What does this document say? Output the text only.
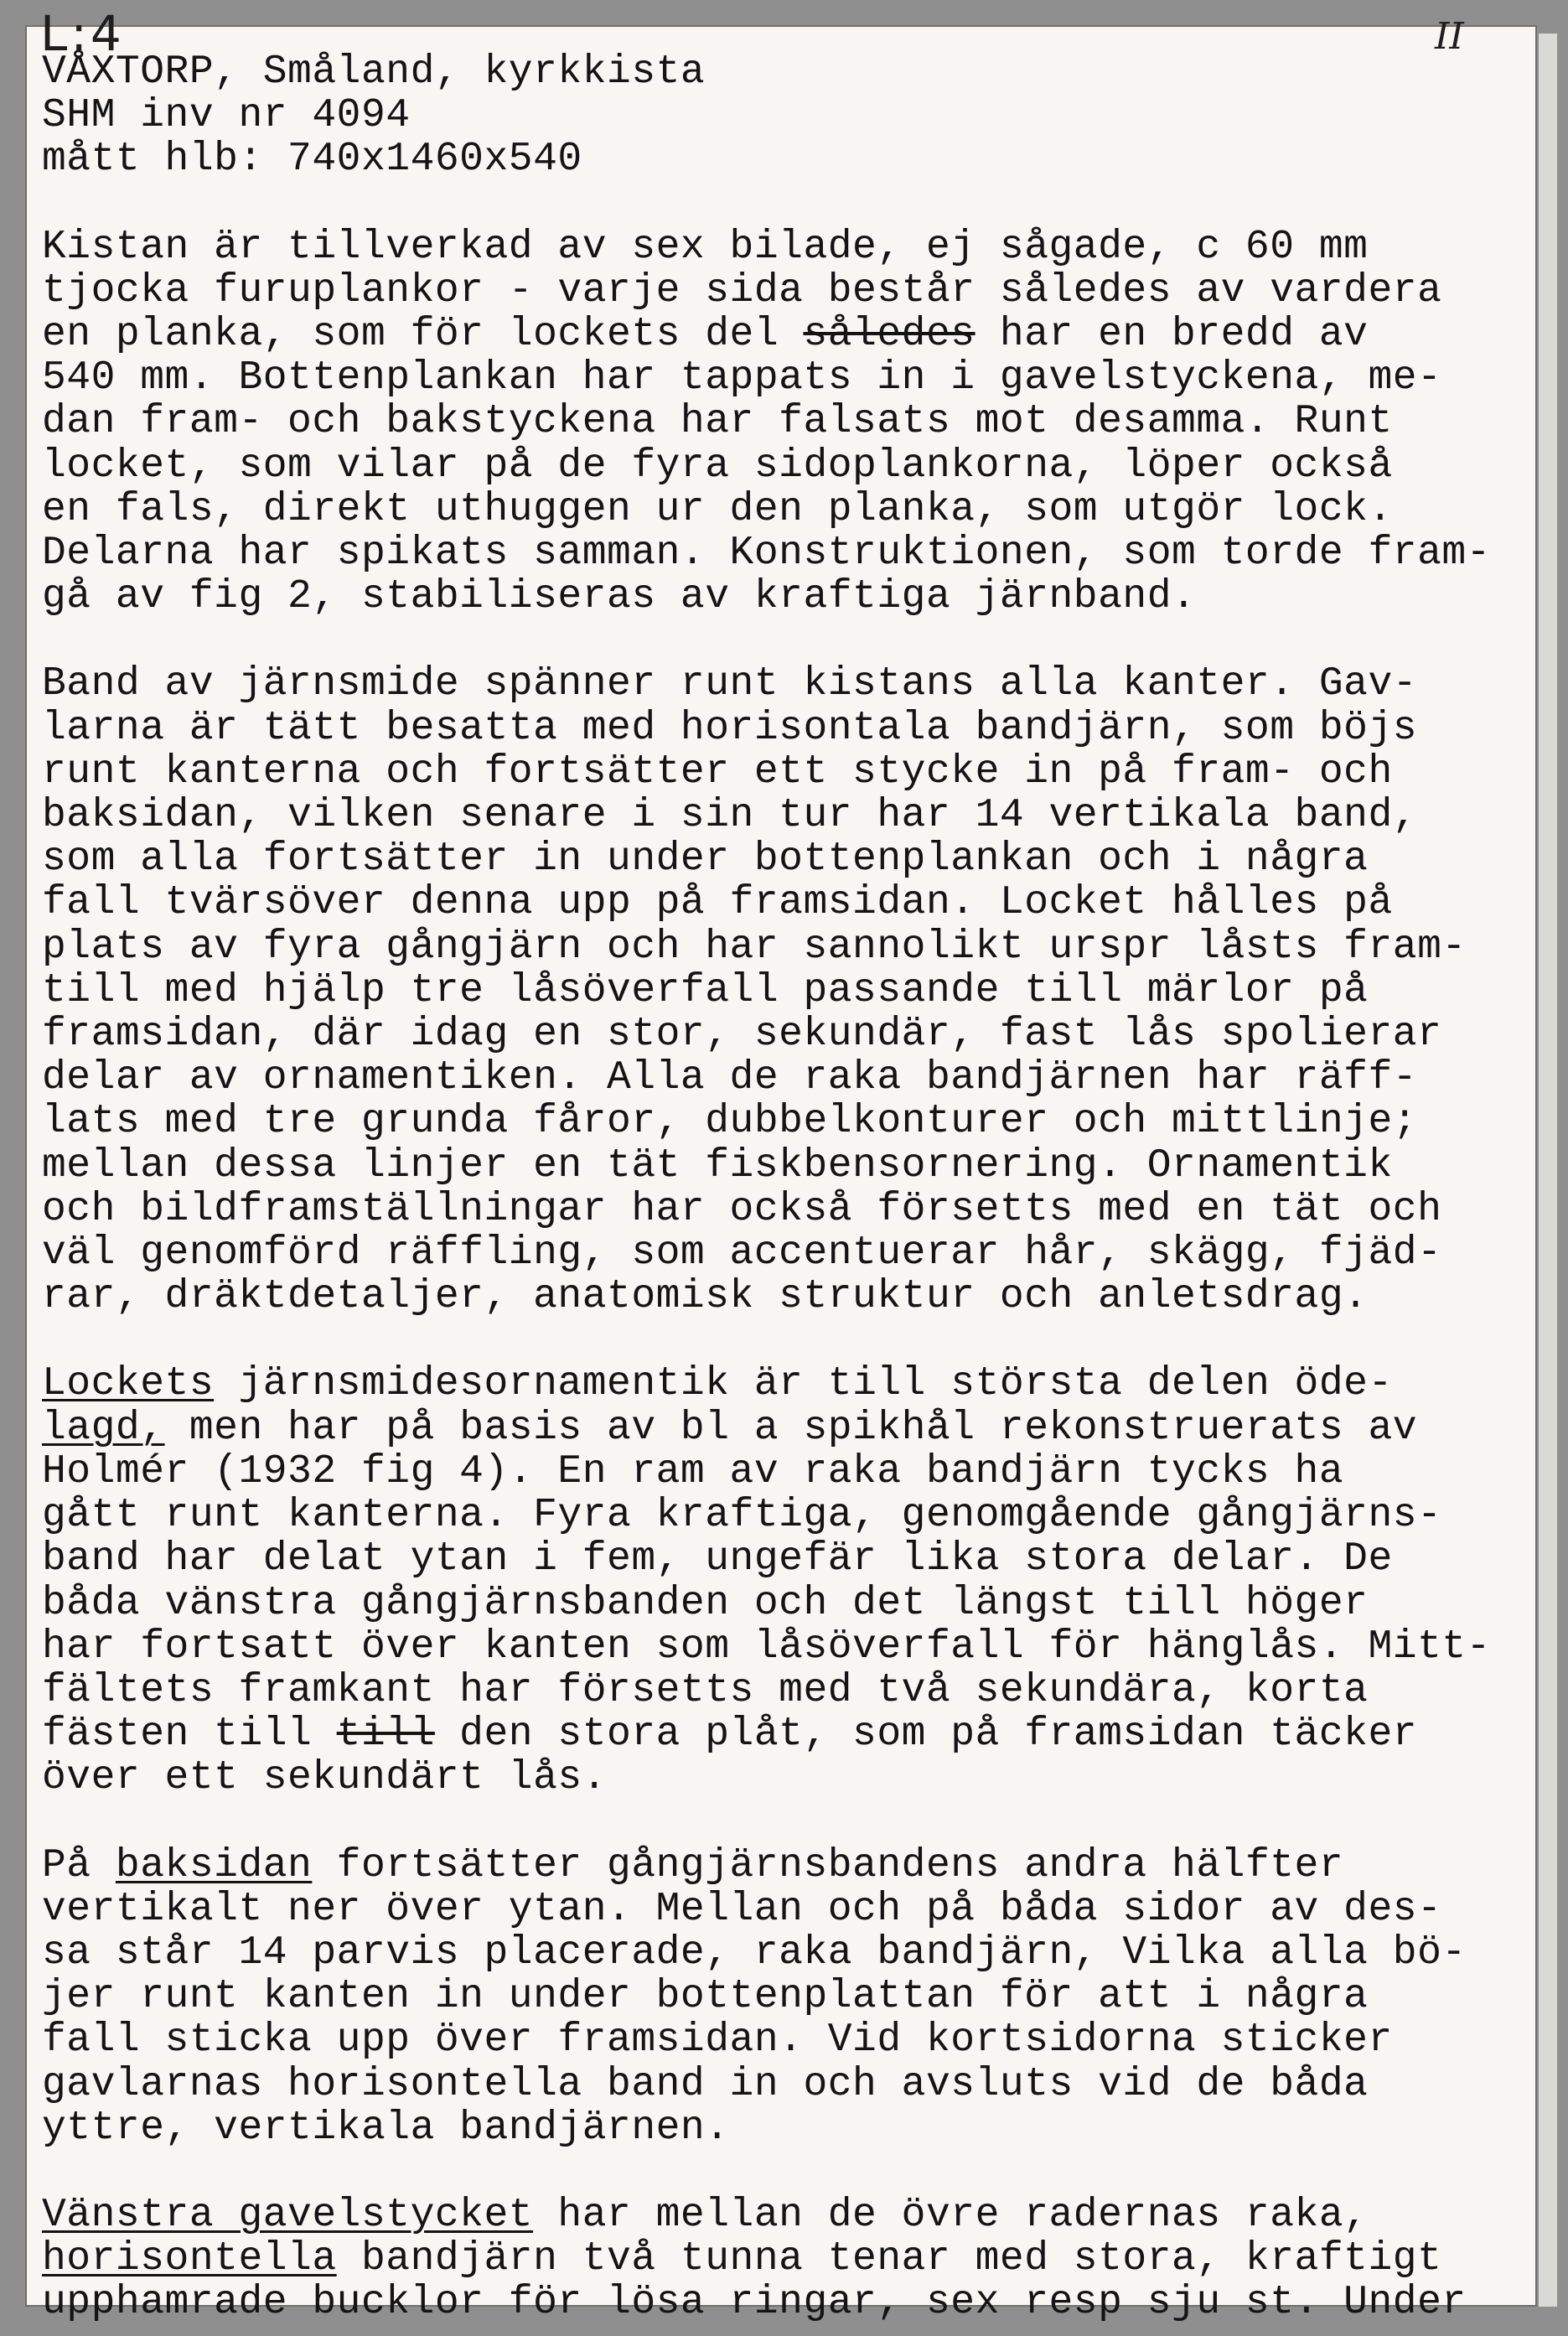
L:4	II
VÅXTORP, Småland, kyrkkista
SHM inv nr 4094
mått hlb: 740x1460x540
Kistan är tillverkad av sex bilade, ej sågade, c 60 mm
tjocka furuplankor - varje sida består således av vardera
en planka, som för lockets del således har en bredd av
540 mm. Bottenplankan har tappats in i gavelstyckena, me-
dan fram- och bakstyckena har falsats mot desamma. Runt
locket, som vilar på de fyra sidoplankorna, löper också
en fals, direkt uthuggen ur den planka, som utgör lock.
Delarna har spikats samman. Konstruktionen, som torde fram-
gå av fig 2, stabiliseras av kraftiga järnband.
Band av järnsmide spänner runt kistans alla kanter. Gav-
larna är tätt besatta med horisontala bandjärn, som böjs
runt kanterna och fortsätter ett stycke in på fram- och
baksidan, vilken senare i sin tur har 14 vertikala band,
som alla fortsätter in under bottenplankan och i några
fall tvärsöver denna upp på framsidan. Locket hålles på
plats av fyra gångjärn och har sannolikt urspr låsts fram-
till med hjälp tre låsöverfall passande till märlor på
framsidan, där idag en stor, sekundär, fast lås spolierar
delar av ornamentiken. Alla de raka bandjärnen har räff-
lats med tre grunda fåror, dubbelkonturer och mittlinje;
mellan dessa linjer en tät fiskbensornering. Ornamentik
och bildframställningar har också försetts med en tät och
väl genomförd räffling, som accentuerar hår, skägg, fjäd-
rar, dräktdetaljer, anatomisk struktur och anletsdrag.
Lockets järnsmidesornamentik är till största delen öde-
lagd, men har på basis av bl a spikhål rekonstruerats av
Holmér (1932 fig 4). En ram av raka bandjärn tycks ha
gått runt kanterna. Fyra kraftiga, genomgående gångjärns-
band har delat ytan i fem, ungefär lika stora delar. De
båda vänstra gångjärnsbanden och det längst till höger
har fortsatt över kanten som låsöverfall för hänglås. Mitt-
fältets framkant har försetts med två sekundära, korta
fästen till till den stora plåt, som på framsidan täcker
över ett sekundärt lås.
På baksidan fortsätter gångjärnsbandens andra hälfter
vertikalt ner över ytan. Mellan och på båda sidor av des-
sa står 14 parvis placerade, raka bandjärn, Vilka alla bö-
jer runt kanten in under bottenplattan för att i några
fall sticka upp över framsidan. Vid kortsidorna sticker
gavlarnas horisontella band in och avsluts vid de båda
yttre, vertikala bandjärnen.
Vänstra gavelstycket har mellan de övre radernas raka,
horisontella bandjärn två tunna tenar med stora, kraftigt
upphamrade bucklor för lösa ringar, sex resp sju st. Under
